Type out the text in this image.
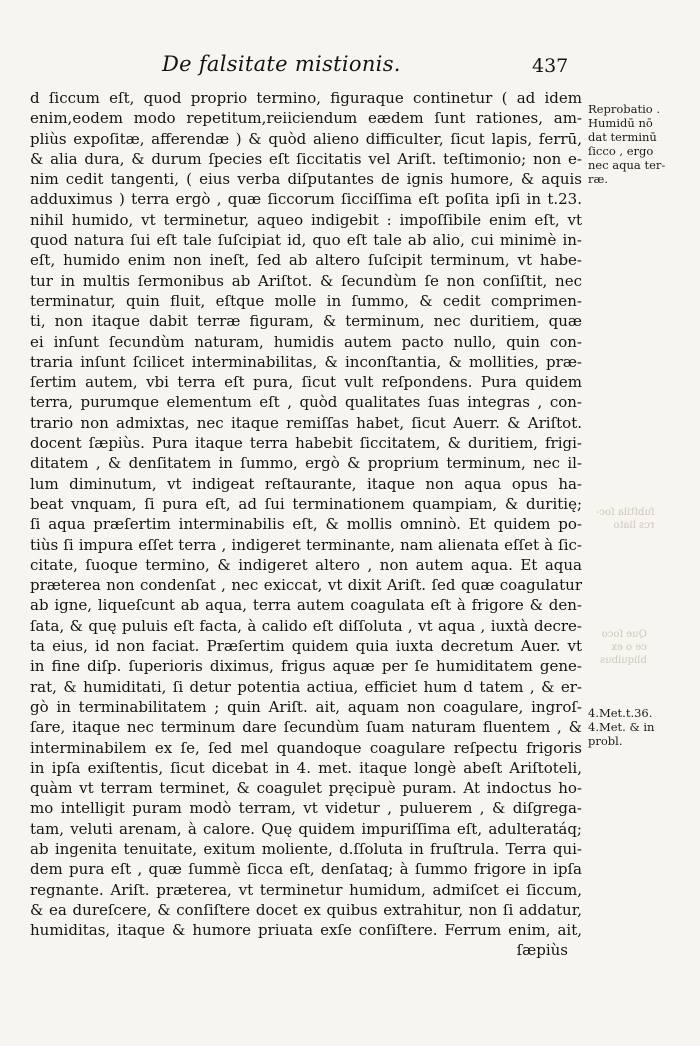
De falsitate mistionis.	437
d ſiccum eſt, quod proprio termino, figuraque continetur ( ad idem
enim,eodem modo repetitum,reiiciendum eædem ſunt rationes, am-
pliùs expoſitæ, afferendæ ) & quòd alieno difficulter, ſicut lapis, ferrū,
& alia dura, & durum ſpecies eſt ſiccitatis vel Ariſt. teſtimonio; non e-
nim cedit tangenti, ( eius verba diſputantes de ignis humore, & aquis
adduximus ) terra ergò , quæ ſiccorum ſicciſſima eſt poſita ipſi in t.23.
nihil humido, vt terminetur, aqueo indigebit : impoſſibile enim eſt, vt
quod natura ſui eſt tale ſuſcipiat id, quo eſt tale ab alio, cui minimè in-
eſt, humido enim non ineſt, ſed ab altero ſuſcipit terminum, vt habe-
tur in multis ſermonibus ab Ariſtot. & ſecundùm ſe non conſiſtit, nec
terminatur, quin fluit, eſtque molle in ſummo, & cedit comprimen-
ti, non itaque dabit terræ figuram, & terminum, nec duritiem, quæ
ei inſunt ſecundùm naturam, humidis autem pacto nullo, quin con-
traria inſunt ſcilicet interminabilitas, & inconſtantia, & mollities, præ-
ſertim autem, vbi terra eſt pura, ſicut vult reſpondens. Pura quidem
terra, purumque elementum eſt , quòd qualitates ſuas integras , con-
trario non admixtas, nec itaque remiſſas habet, ſicut Auerr. & Ariſtot.
docent ſæpiùs. Pura itaque terra habebit ſiccitatem, & duritiem, frigi-
ditatem , & denſitatem in ſummo, ergò & proprium terminum, nec il-
lum diminutum, vt indigeat reſtaurante, itaque non aqua opus ha-
beat vnquam, ſi pura eſt, ad ſui terminationem quampiam, & duritię;
ſi aqua præſertim interminabilis eſt, & mollis omninò. Et quidem po-
tiùs ſi impura eſſet terra , indigeret terminante, nam alienata eſſet à ſic-
citate, ſuoque termino, & indigeret altero , non autem aqua. Et aqua
præterea non condenſat , nec exiccat, vt dixit Ariſt. ſed quæ coagulatur
ab igne, liqueſcunt ab aqua, terra autem coagulata eſt à frigore & den-
ſata, & quę puluis eſt facta, à calido eſt diſſoluta , vt aqua , iuxtà decre-
ta eius, id non faciat. Præſertim quidem quia iuxta decretum Auer. vt
in fine diſp. ſuperioris diximus, frigus aquæ per ſe humiditatem gene-
rat, & humiditati, ſi detur potentia actiua, efficiet hum d tatem , & er-
gò in terminabilitatem ; quin Ariſt. ait, aquam non coagulare, ingroſ-
ſare, itaque nec terminum dare ſecundùm ſuam naturam fluentem , &
interminabilem ex ſe, ſed mel quandoque coagulare reſpectu frigoris
in ipſa exiſtentis, ſicut dicebat in 4. met. itaque longè abeſt Ariſtoteli,
quàm vt terram terminet, & coagulet pręcipuè puram. At indoctus ho-
mo intelligit puram modò terram, vt videtur , puluerem , & diſgrega-
tam, veluti arenam, à calore. Quę quidem impuriſſima eſt, adulteratáq;
ab ingenita tenuitate, exitum moliente, d.ſſoluta in fruſtrula. Terra qui-
dem pura eſt , quæ ſummè ſicca eſt, denſataq; à ſummo frigore in ipſa
regnante. Ariſt. præterea, vt terminetur humidum, admiſcet ei ſiccum,
& ea dureſcere, & conſiſtere docet ex quibus extrahitur, non ſi addatur,
humiditas, itaque & humore priuata exſe conſiſtere. Ferrum enim, ait,
ſæpiùs
Reprobatio .
Humidū nō
dat terminū
ſicco , ergo
nec aqua ter-
ræ.
4.Met.t.36.
4.Met. & in
probl.
ſubſtila ſoc-
rcs liato
Que ſoco
ce o ex
bliquibus
